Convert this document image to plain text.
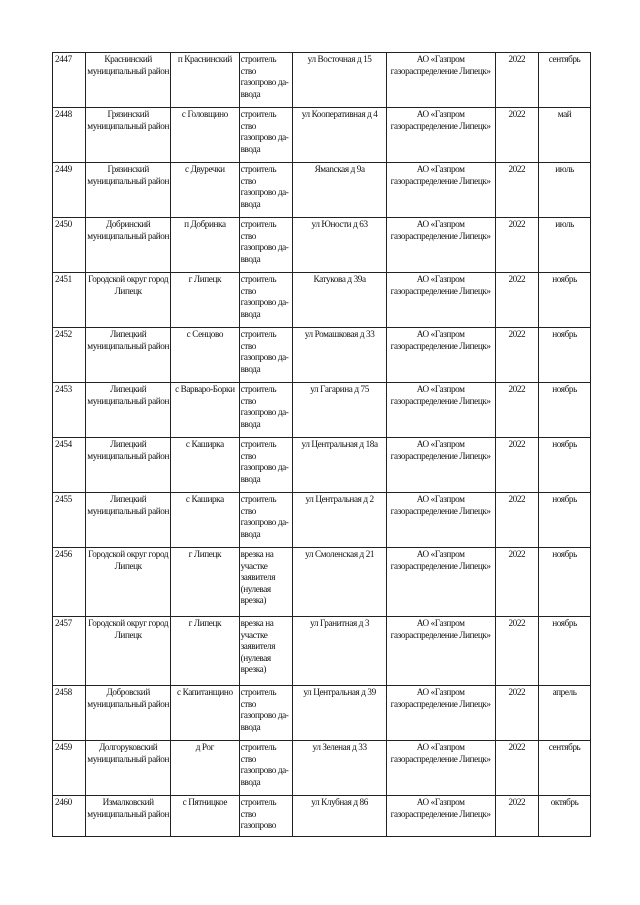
2447	Краснинский муниципальный район	п Краснинский	строитель ство газопрово да-ввода	ул Восточная д 15	АО «Газпром газораспределение Липецк»	2022	сентябрь
2448	Грязинский муниципальный район	с Головщино	строитель ство газопрово да-ввода	ул Кооперативная д 4	АО «Газпром газораспределение Липецк»	2022	май
2449	Грязинский муниципальный район	с Двуречки	строитель ство газопрово да-ввода	Ямanская д 9а	АО «Газпром газораспределение Липецк»	2022	июль
2450	Добринский муниципальный район	п Добринка	строитель ство газопрово да-ввода	ул Юности д 63	АО «Газпром газораспределение Липецк»	2022	июль
2451	Городской округ город Липецк	г Липецк	строитель ство газопрово да-ввода	Катукова д 39а	АО «Газпром газораспределение Липецк»	2022	ноябрь
2452	Липецкий муниципальный район	с Сенцово	строитель ство газопрово да-ввода	ул Ромашковая д 33	АО «Газпром газораспределение Липецк»	2022	ноябрь
2453	Липецкий муниципальный район	с Варваро-Борки	строитель ство газопрово да-ввода	ул Гагарина д 75	АО «Газпром газораспределение Липецк»	2022	ноябрь
2454	Липецкий муниципальный район	с Каширка	строитель ство газопрово да-ввода	ул Центральная д 18а	АО «Газпром газораспределение Липецк»	2022	ноябрь
2455	Липецкий муниципальный район	с Каширка	строитель ство газопрово да-ввода	ул Центральная д 2	АО «Газпром газораспределение Липецк»	2022	ноябрь
2456	Городской округ город Липецк	г Липецк	врезка на участке заявителя (нулевая врезка)	ул Смоленская д 21	АО «Газпром газораспределение Липецк»	2022	ноябрь
2457	Городской округ город Липецк	г Липецк	врезка на участке заявителя (нулевая врезка)	ул Гранитная д 3	АО «Газпром газораспределение Липецк»	2022	ноябрь
2458	Добровский муниципальный район	с Капитанщино	строитель ство газопрово да-ввода	ул Центральная д 39	АО «Газпром газораспределение Липецк»	2022	апрель
2459	Долгоруковский муниципальный район	д Рог	строитель ство газопрово да-ввода	ул Зеленая д 33	АО «Газпром газораспределение Липецк»	2022	сентябрь
2460	Измалковский муниципальный район	с Пятницкое	строитель ство газопрово	ул Клубная д 86	АО «Газпром газораспределение Липецк»	2022	октябрь
